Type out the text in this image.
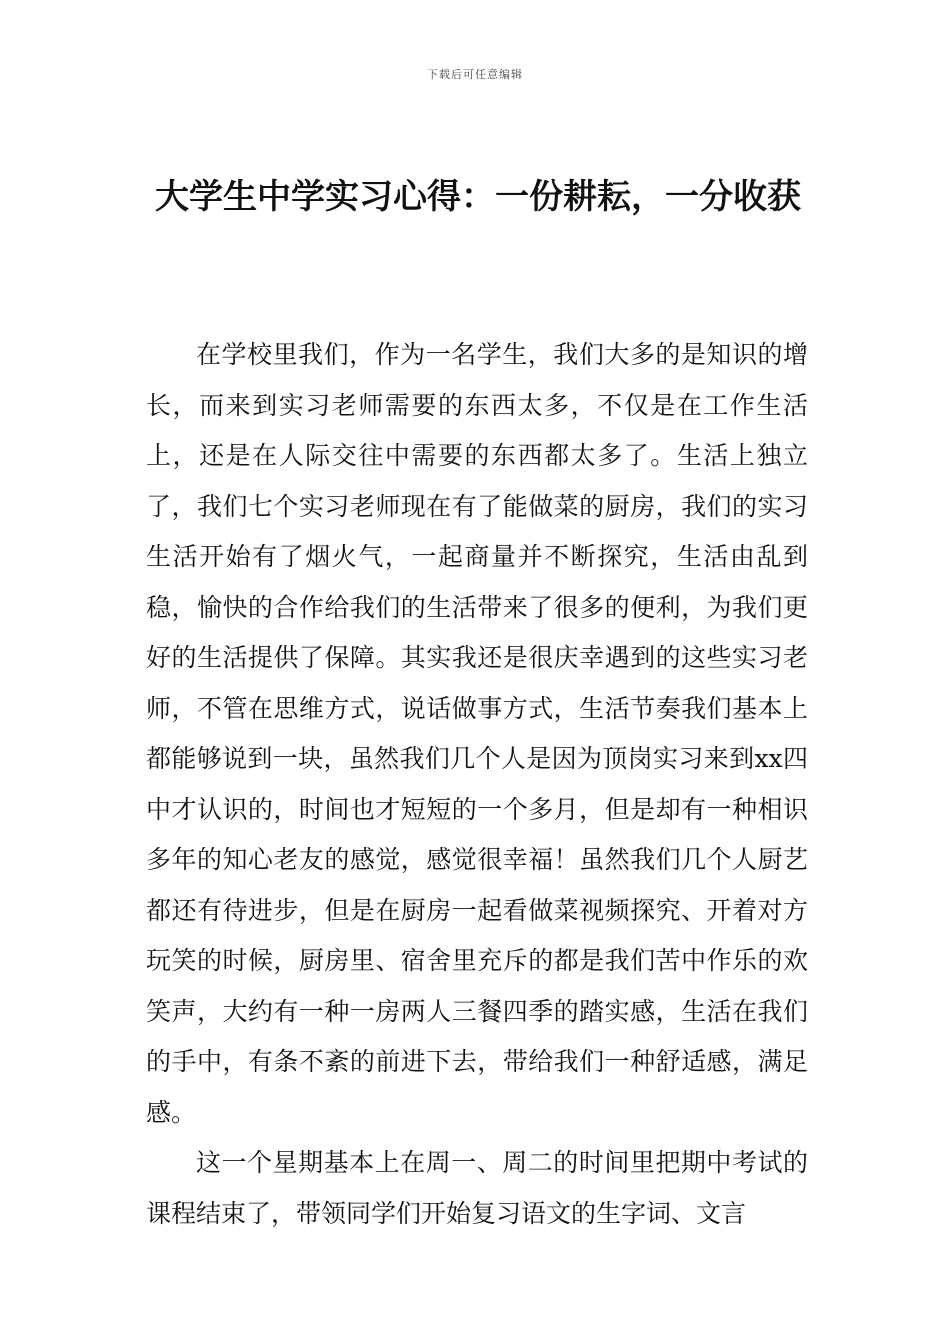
下载后可任意编辑
大学生中学实习心得：一份耕耘，一分收获

在学校里我们，作为一名学生，我们大多的是知识的增长，而来到实习老师需要的东西太多，不仅是在工作生活上，还是在人际交往中需要的东西都太多了。生活上独立了，我们七个实习老师现在有了能做菜的厨房，我们的实习生活开始有了烟火气，一起商量并不断探究，生活由乱到稳，愉快的合作给我们的生活带来了很多的便利，为我们更好的生活提供了保障。其实我还是很庆幸遇到的这些实习老师，不管在思维方式，说话做事方式，生活节奏我们基本上都能够说到一块，虽然我们几个人是因为顶岗实习来到xx四中才认识的，时间也才短短的一个多月，但是却有一种相识多年的知心老友的感觉，感觉很幸福！虽然我们几个人厨艺都还有待进步，但是在厨房一起看做菜视频探究、开着对方玩笑的时候，厨房里、宿舍里充斥的都是我们苦中作乐的欢笑声，大约有一种一房两人三餐四季的踏实感，生活在我们的手中，有条不紊的前进下去，带给我们一种舒适感，满足感。

这一个星期基本上在周一、周二的时间里把期中考试的课程结束了，带领同学们开始复习语文的生字词、文言
